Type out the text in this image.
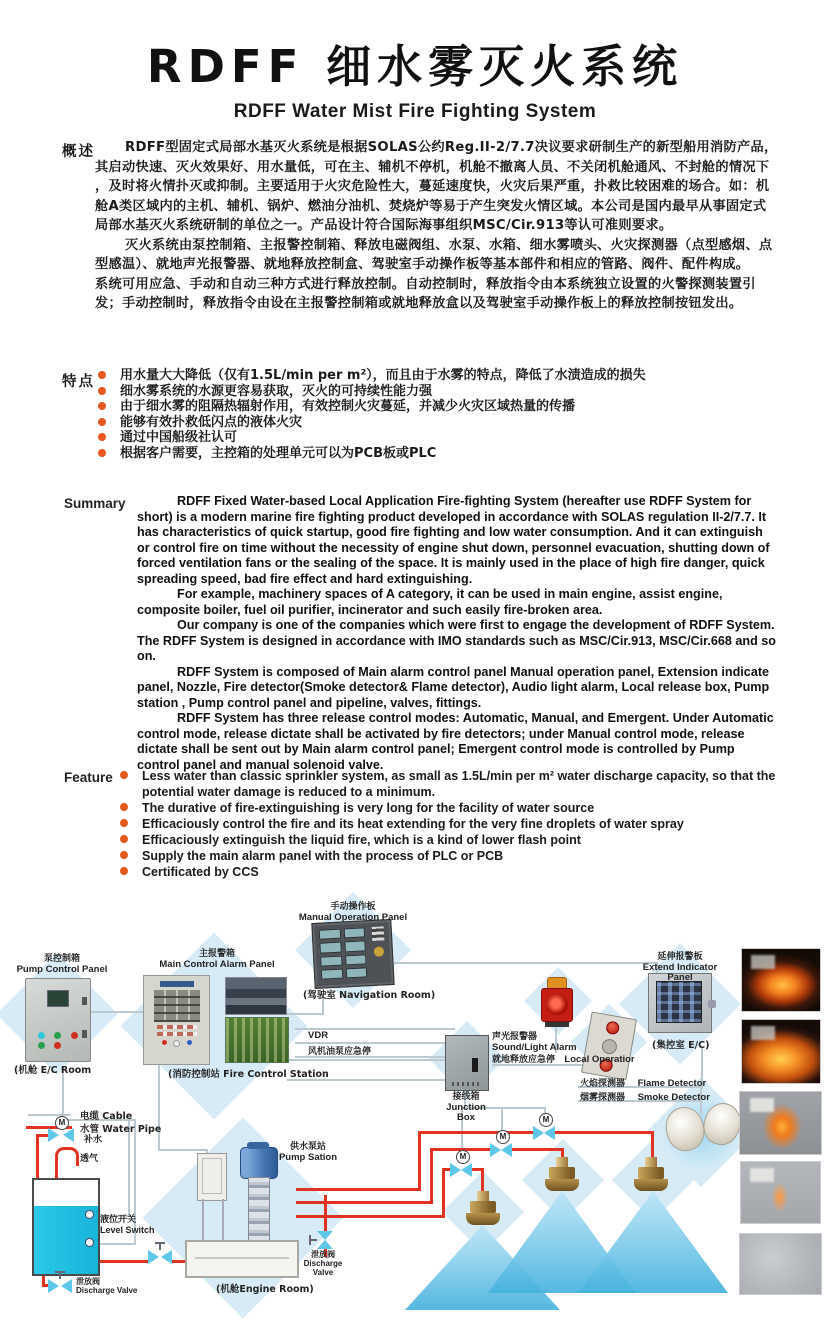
RDFF 细水雾灭火系统
RDFF Water Mist Fire Fighting System
概述	RDFF型固定式局部水基灭火系统是根据SOLAS公约Reg.II-2/7.7决议要求研制生产的新型船用消防产品，其启动快速、灭火效果好、用水量低，可在主、辅机不停机，机舱不撤离人员、不关闭机舱通风、不封舱的情况下 ，及时将火情扑灭或抑制。主要适用于火灾危险性大，蔓延速度快，火灾后果严重，扑救比较困难的场合。如：机舱A类区域内的主机、辅机、锅炉、燃油分油机、焚烧炉等易于产生突发火情区域。本公司是国内最早从事固定式局部水基灭火系统研制的单位之一。产品设计符合国际海事组织MSC/Cir.913等认可准则要求。

灭火系统由泵控制箱、主报警控制箱、释放电磁阀组、水泵、水箱、细水雾喷头、火灾探测器（点型感烟、点型感温）、就地声光报警器、就地释放控制盒、驾驶室手动操作板等基本部件和相应的管路、阀件、配件构成。

系统可用应急、手动和自动三种方式进行释放控制。自动控制时，释放指令由本系统独立设置的火警探测装置引发；手动控制时，释放指令由设在主报警控制箱或就地释放盒以及驾驶室手动操作板上的释放控制按钮发出。

特点	用水量大大降低（仅有1.5L/min per m²），而且由于水雾的特点，降低了水渍造成的损失
细水雾系统的水源更容易获取，灭火的可持续性能力强
由于细水雾的阻隔热辐射作用，有效控制火灾蔓延，并减少火灾区域热量的传播
能够有效扑救低闪点的液体火灾
通过中国船级社认可
根据客户需要，主控箱的处理单元可以为PCB板或PLC
Summary	RDFF Fixed Water-based Local Application Fire-fighting System (hereafter use RDFF System for short) is a modern marine fire fighting product developed in accordance with SOLAS regulation II-2/7.7. It has characteristics of quick startup, good fire fighting and low water consumption. And it can extinguish or control fire on time without the necessity of engine shut down, personnel evacuation, shutting down of forced ventilation fans or the sealing of the space. It is mainly used in the place of high fire danger, quick spreading speed, bad fire effect and hard extinguishing.

For example, machinery spaces of A category, it can be used in main engine, assist engine, composite boiler, fuel oil purifier, incinerator and such easily fire-broken area.

Our company is one of the companies which were first to engage the development of RDFF System. The RDFF System is designed in accordance with IMO standards such as MSC/Cir.913, MSC/Cir.668 and so on.

RDFF System is composed of Main alarm control panel Manual operation panel, Extension indicate panel, Nozzle, Fire detector(Smoke detector& Flame detector), Audio light alarm, Local release box, Pump station , Pump control panel and pipeline, valves, fittings.

RDFF System has three release control modes: Automatic, Manual, and Emergent. Under Automatic control mode, release dictate shall be activated by fire detectors; under Manual control mode, release dictate shall be sent out by Main alarm control panel; Emergent control mode is controlled by Pump control panel and manual solenoid valve.

Feature	Less water than classic sprinkler system, as small as 1.5L/min per m² water discharge capacity, so that the potential water damage is reduced to a minimum.
The durative of fire-extinguishing is very long for the facility of water source
Efficaciously control the fire and its heat extending for the very fine droplets of water spray
Efficaciously extinguish the liquid fire, which is a kind of lower flash point
Supply the main alarm panel with the process of PLC or PCB
Certificated by CCS
电缆 Cable
水管 Water Pipe
泵控制箱
Pump Control Panel
(机舱 E/C Room
主报警箱
Main Control Alarm Panel
(消防控制站 Fire Control Station
手动操作板
Manual Operation Panel
(驾驶室 Navigation Room)
VDR
风机油泵应急停
接线箱
Junction Box
声光报警器
Sound/Light Alarm
就地释放应急停 Local Operatior
延伸报警板
Extend Indicator Panel
(集控室 E/C)
火焰探测器 Flame Detector
烟雾探测器 Smoke Detector
M
补水
透气
液位开关
Level Switch
泄放阀
Discharge Valve
供水泵站
Pump Sation
(机舱Engine Room)
泄放阀
Discharge Valve
M
M
M
